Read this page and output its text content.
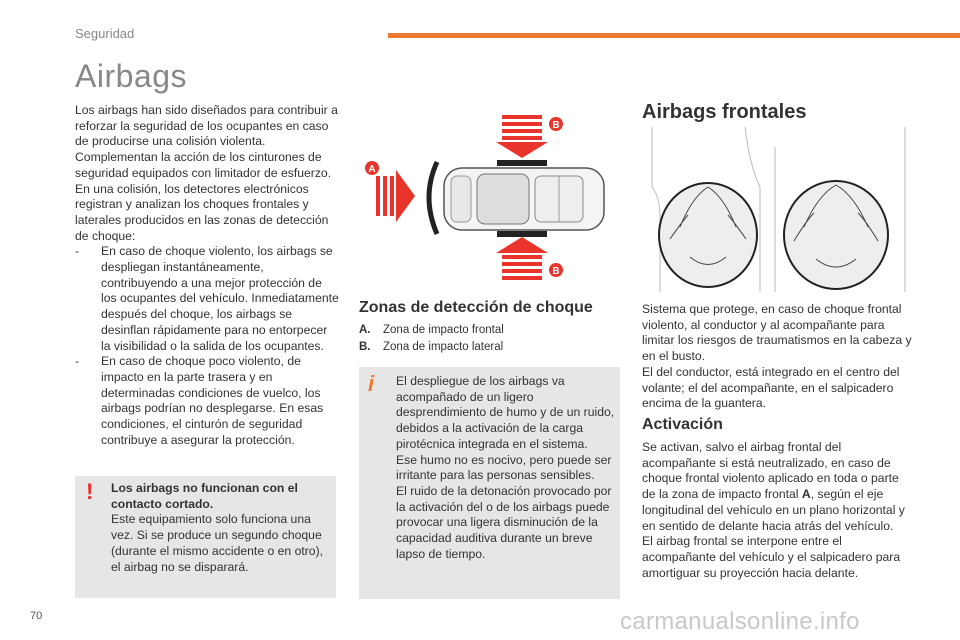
Seguridad
Airbags

Los airbags han sido diseñados para contribuir a reforzar la seguridad de los ocupantes en caso de producirse una colisión violenta. Complementan la acción de los cinturones de seguridad equipados con limitador de esfuerzo.

En una colisión, los detectores electrónicos registran y analizan los choques frontales y laterales producidos en las zonas de detección de choque:

-	En caso de choque violento, los airbags se despliegan instantáneamente, contribuyendo a una mejor protección de los ocupantes del vehículo. Inmediatamente después del choque, los airbags se desinflan rápidamente para no entorpecer la visibilidad o la salida de los ocupantes.
-	En caso de choque poco violento, de impacto en la parte trasera y en determinadas condiciones de vuelco, los airbags podrían no desplegarse. En esas condiciones, el cinturón de seguridad contribuye a asegurar la protección.
! Los airbags no funcionan con el contacto cortado.

Este equipamiento solo funciona una vez. Si se produce un segundo choque (durante el mismo accidente o en otro), el airbag no se disparará.

B
A
B
Zonas de detección de choque
A.	Zona de impacto frontal
B.	Zona de impacto lateral
i	El despliegue de los airbags va acompañado de un ligero desprendimiento de humo y de un ruido, debidos a la activación de la carga pirotécnica integrada en el sistema.

Ese humo no es nocivo, pero puede ser irritante para las personas sensibles.

El ruido de la detonación provocado por la activación del o de los airbags puede provocar una ligera disminución de la capacidad auditiva durante un breve lapso de tiempo.

Airbags frontales

Sistema que protege, en caso de choque frontal violento, al conductor y al acompañante para limitar los riesgos de traumatismos en la cabeza y en el busto.

El del conductor, está integrado en el centro del volante; el del acompañante, en el salpicadero encima de la guantera.

Activación

Se activan, salvo el airbag frontal del acompañante si está neutralizado, en caso de choque frontal violento aplicado en toda o parte de la zona de impacto frontal A, según el eje longitudinal del vehículo en un plano horizontal y en sentido de delante hacia atrás del vehículo.

El airbag frontal se interpone entre el acompañante del vehículo y el salpicadero para amortiguar su proyección hacia delante.

70	carmanualsonline.info
